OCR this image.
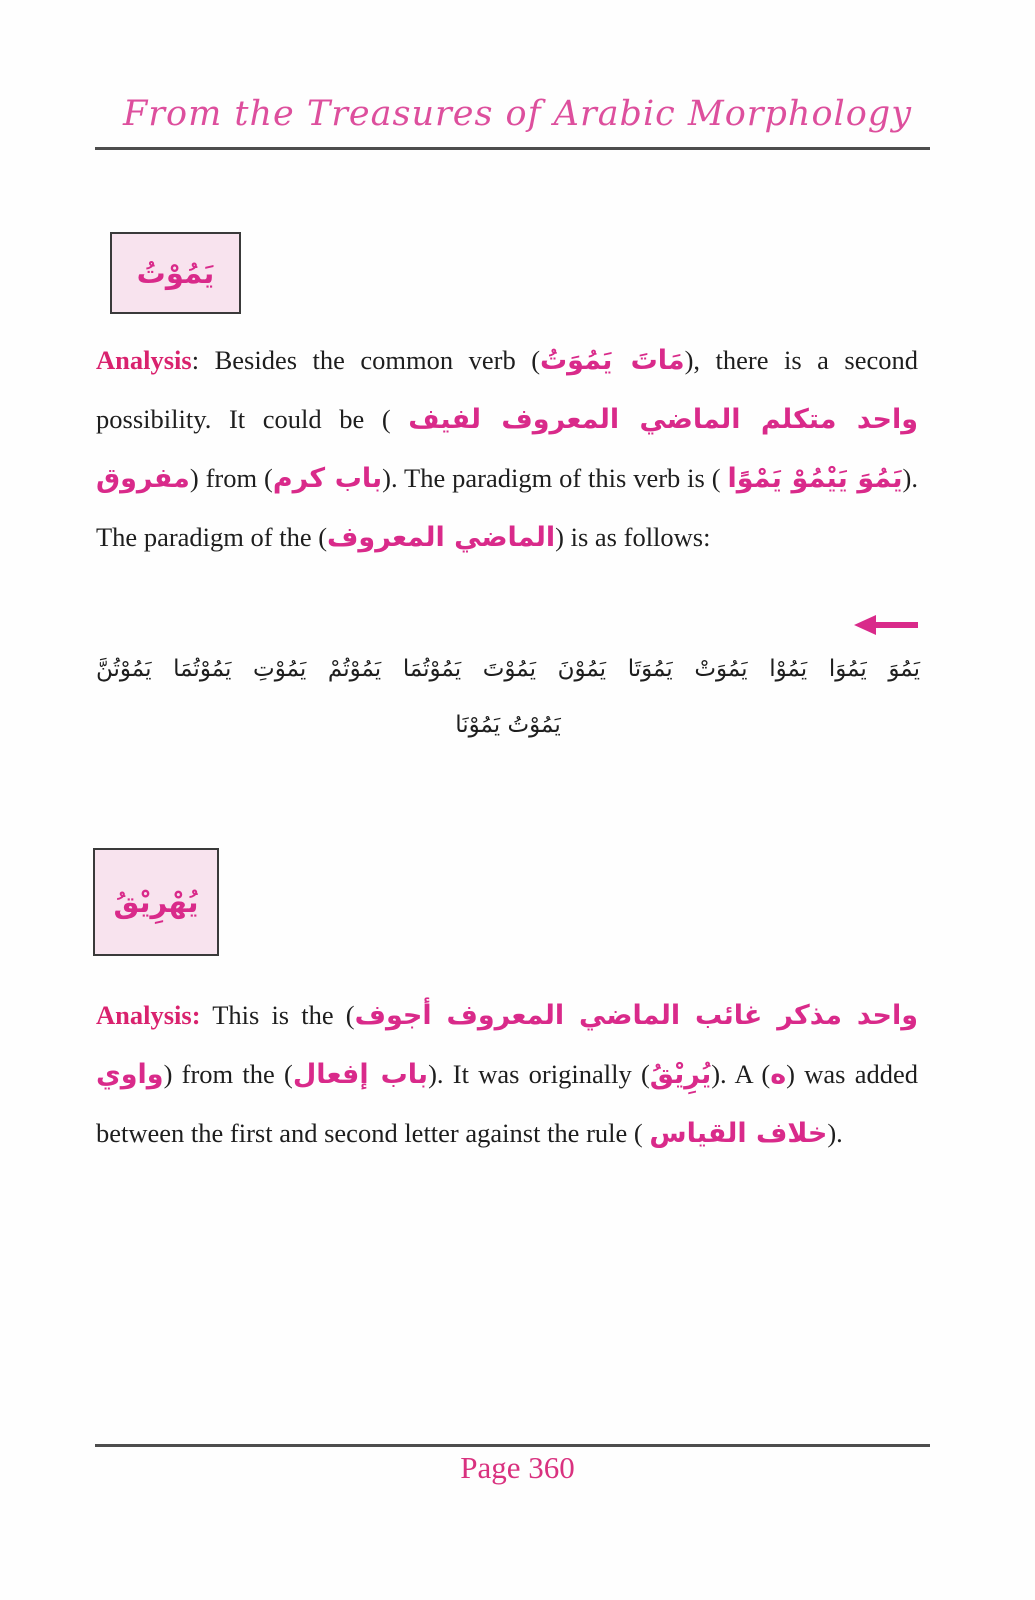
From the Treasures of Arabic Morphology
يَمُوْتُ

Analysis: Besides the common verb (مَاتَ يَمُوَتُ), there is a second possibility. It could be ( واحد متكلم الماضي المعروف لفيف مفروق) from (باب كرم). The paradigm of this verb is ( يَمُوَ يَيْمُوْ يَمْوًا). The paradigm of the (الماضي المعروف) is as follows:

يَمُوَ يَمُوَا يَمُوْا يَمُوَتْ يَمُوَتَا يَمُوْنَ يَمُوْتَ يَمُوْتُمَا يَمُوْتُمْ يَمُوْتِ يَمُوْتُمَا يَمُوْتُنَّ
يَمُوْتُ يَمُوْنَا
يُهْرِيْقُ

Analysis: This is the (واحد مذكر غائب الماضي المعروف أجوف واوي) from the (باب إفعال). It was originally (يُرِيْقُ). A (ه) was added between the first and second letter against the rule ( خلاف القياس).

Page 360
